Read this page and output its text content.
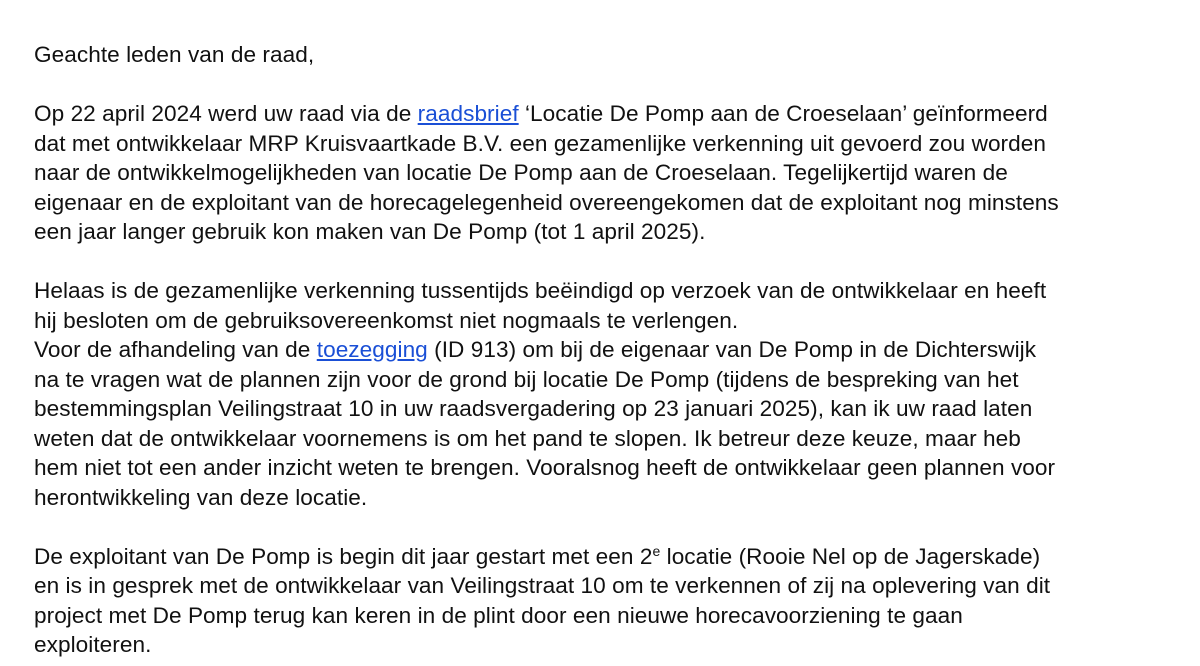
Geachte leden van de raad,
Op 22 april 2024 werd uw raad via de raadsbrief ‘Locatie De Pomp aan de Croeselaan’ geïnformeerd
dat met ontwikkelaar MRP Kruisvaartkade B.V. een gezamenlijke verkenning uit gevoerd zou worden
naar de ontwikkelmogelijkheden van locatie De Pomp aan de Croeselaan. Tegelijkertijd waren de
eigenaar en de exploitant van de horecagelegenheid overeengekomen dat de exploitant nog minstens
een jaar langer gebruik kon maken van De Pomp (tot 1 april 2025).
Helaas is de gezamenlijke verkenning tussentijds beëindigd op verzoek van de ontwikkelaar en heeft
hij besloten om de gebruiksovereenkomst niet nogmaals te verlengen.
Voor de afhandeling van de toezegging (ID 913) om bij de eigenaar van De Pomp in de Dichterswijk
na te vragen wat de plannen zijn voor de grond bij locatie De Pomp (tijdens de bespreking van het
bestemmingsplan Veilingstraat 10 in uw raadsvergadering op 23 januari 2025), kan ik uw raad laten
weten dat de ontwikkelaar voornemens is om het pand te slopen. Ik betreur deze keuze, maar heb
hem niet tot een ander inzicht weten te brengen. Vooralsnog heeft de ontwikkelaar geen plannen voor
herontwikkeling van deze locatie.
De exploitant van De Pomp is begin dit jaar gestart met een 2e locatie (Rooie Nel op de Jagerskade)
en is in gesprek met de ontwikkelaar van Veilingstraat 10 om te verkennen of zij na oplevering van dit
project met De Pomp terug kan keren in de plint door een nieuwe horecavoorziening te gaan
exploiteren.
